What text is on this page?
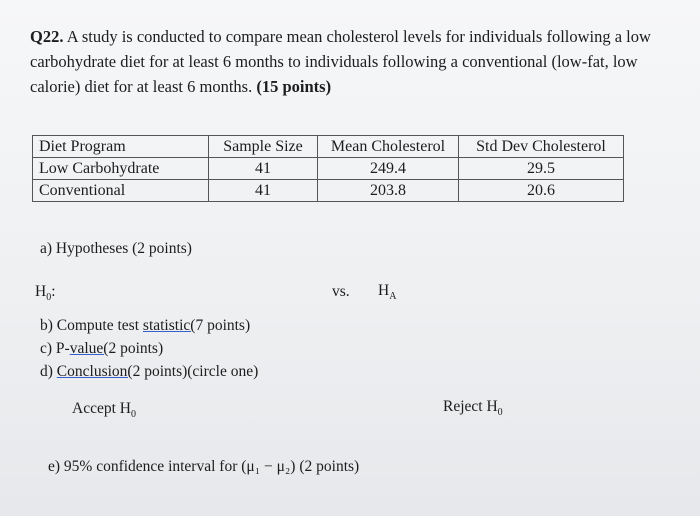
Q22. A study is conducted to compare mean cholesterol levels for individuals following a low carbohydrate diet for at least 6 months to individuals following a conventional (low-fat, low calorie) diet for at least 6 months. (15 points)
Diet Program	Sample Size	Mean Cholesterol	Std Dev Cholesterol
Low Carbohydrate	41	249.4	29.5
Conventional	41	203.8	20.6
a) Hypotheses (2 points)
$H_0$:	vs. $H_A$
b) Compute test statistic(7 points)
c) P-value(2 points)
d) Conclusion(2 points)(circle one)
Accept $H_0$	Reject $H_0$
e) 95% confidence interval for (μ₁ − μ₂) (2 points)
